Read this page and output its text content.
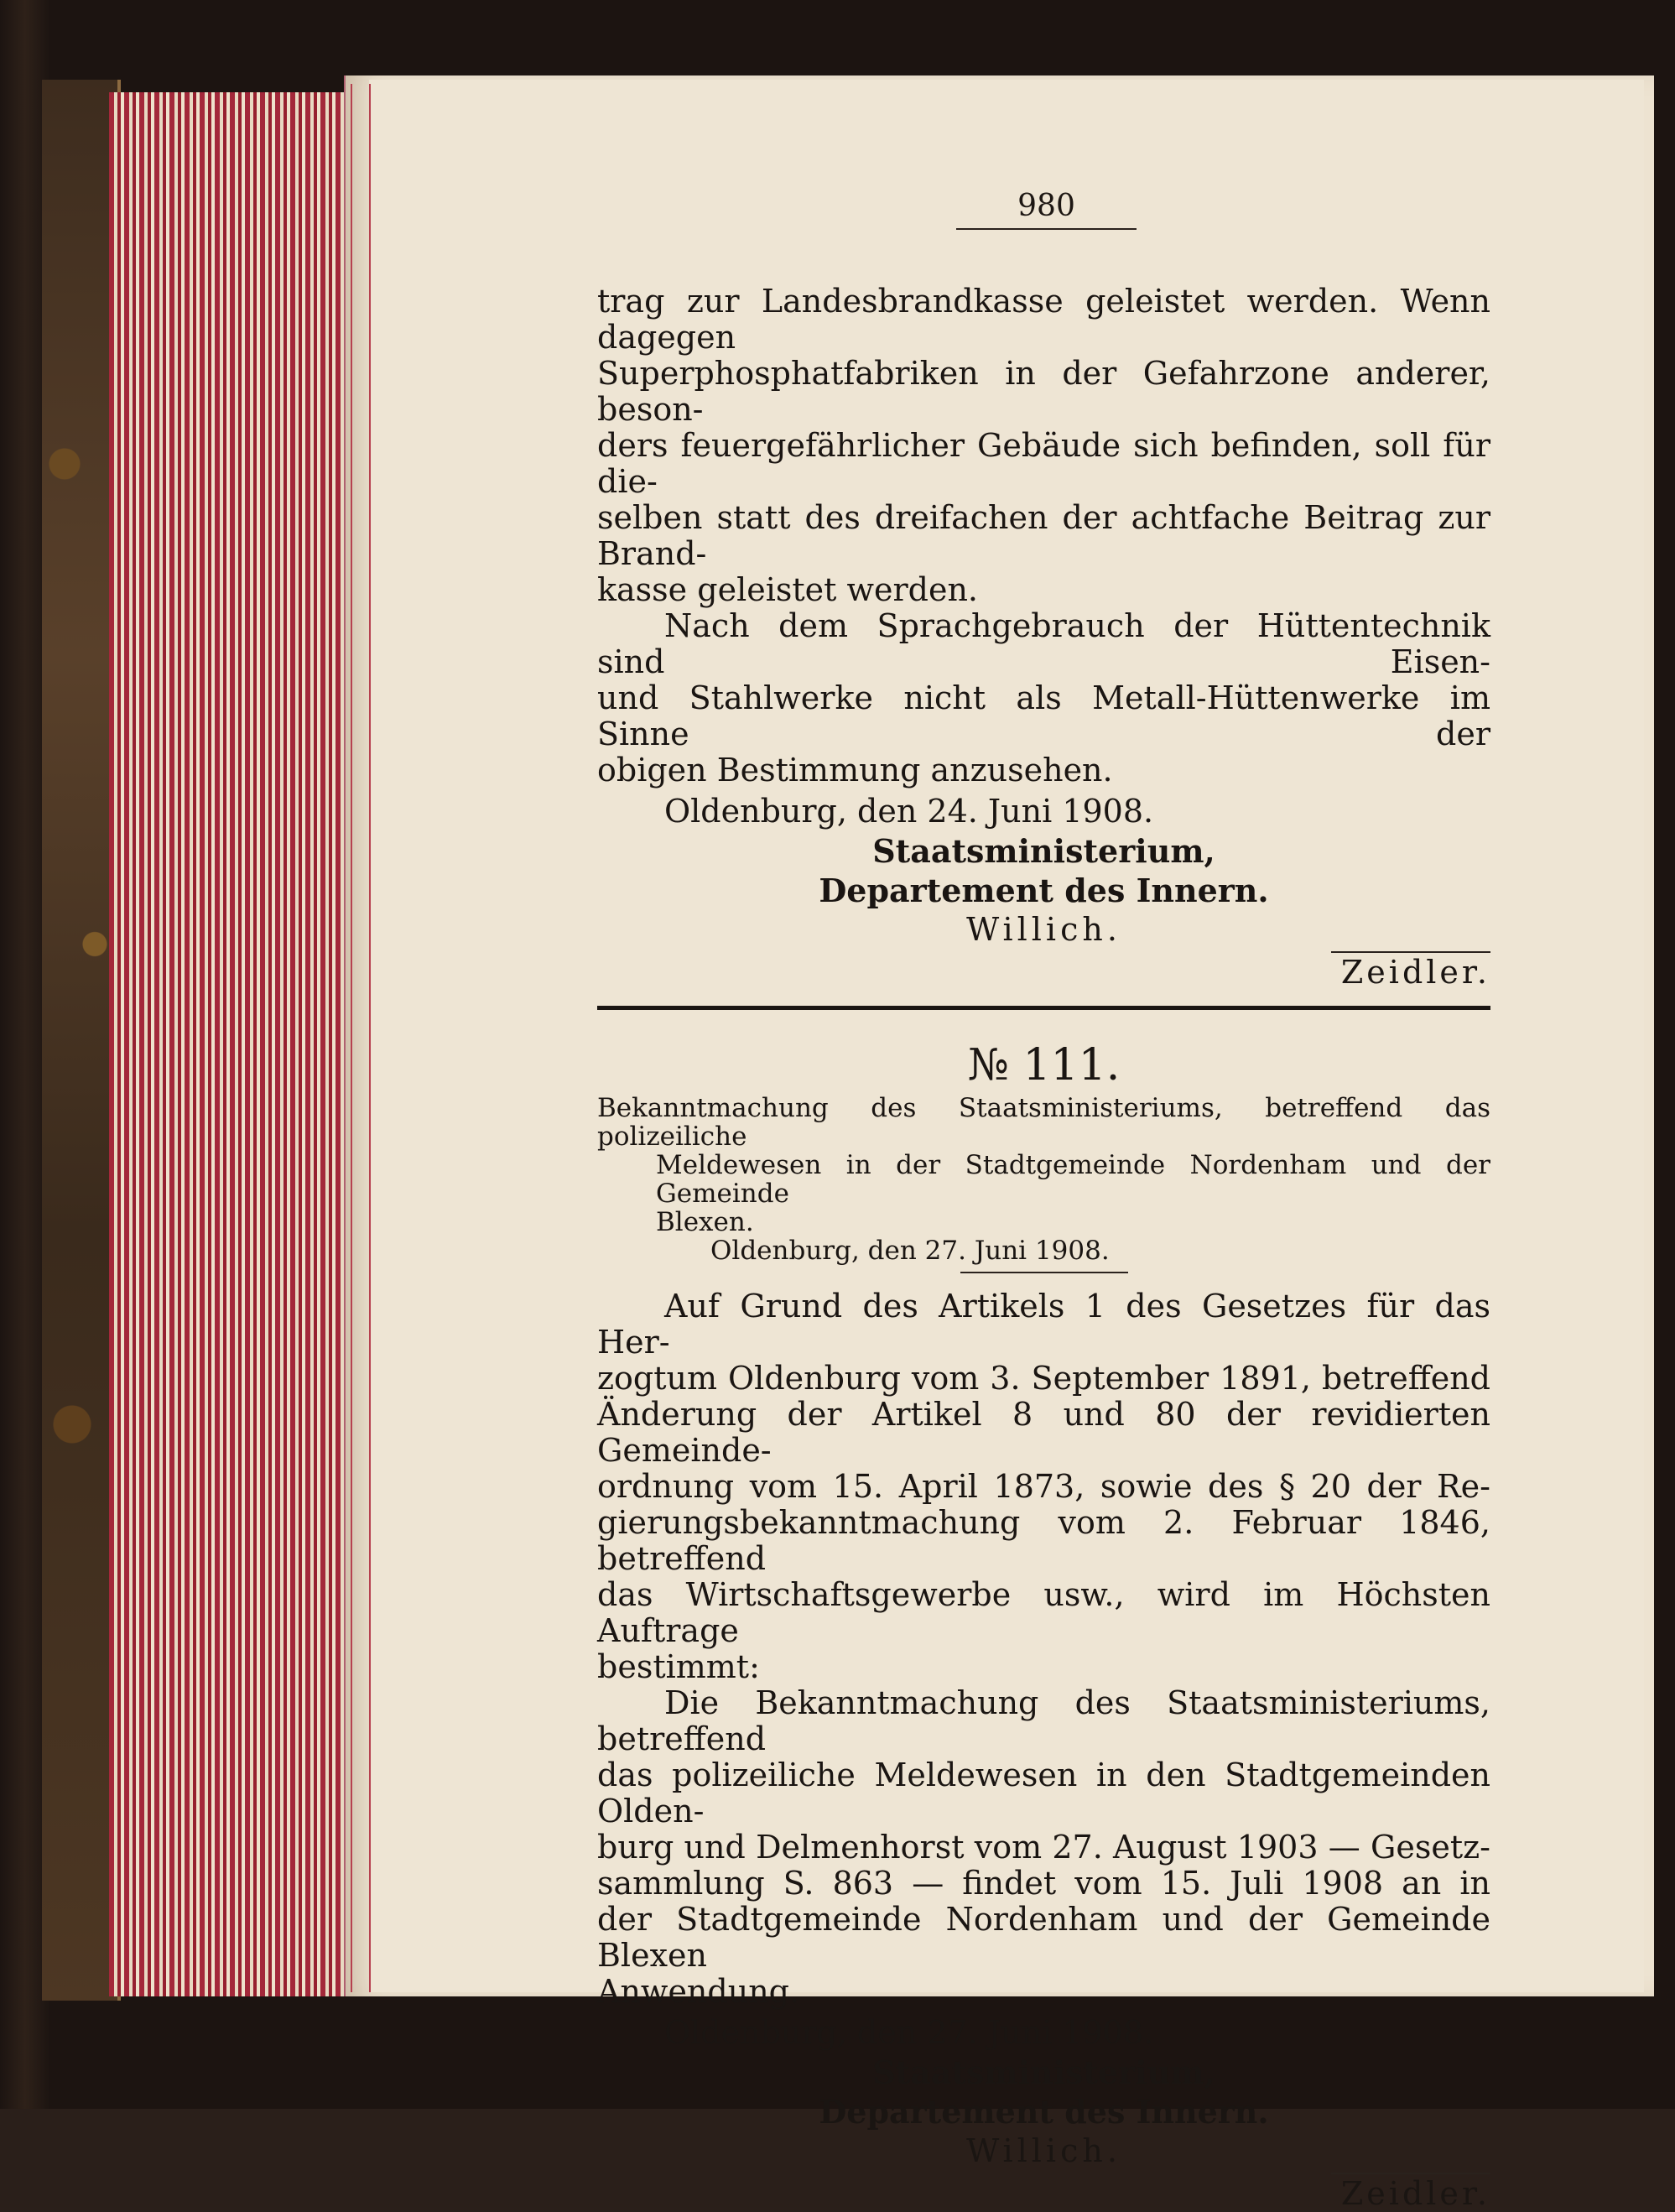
980

trag zur Landesbrandkasse geleistet werden. Wenn dagegen

Superphosphatfabriken in der Gefahrzone anderer, beson-

ders feuergefährlicher Gebäude sich befinden, soll für die-

selben statt des dreifachen der achtfache Beitrag zur Brand-

kasse geleistet werden.

Nach dem Sprachgebrauch der Hüttentechnik sind Eisen-

und Stahlwerke nicht als Metall-Hüttenwerke im Sinne der

obigen Bestimmung anzusehen.

Oldenburg, den 24. Juni 1908.

Staatsministerium,

Departement des Innern.

Willich.

Zeidler.

№ 111.

Bekanntmachung des Staatsministeriums, betreffend das polizeiliche

Meldewesen in der Stadtgemeinde Nordenham und der Gemeinde

Blexen.

Oldenburg, den 27. Juni 1908.

Auf Grund des Artikels 1 des Gesetzes für das Her-

zogtum Oldenburg vom 3. September 1891, betreffend

Änderung der Artikel 8 und 80 der revidierten Gemeinde-

ordnung vom 15. April 1873, sowie des § 20 der Re-

gierungsbekanntmachung vom 2. Februar 1846, betreffend

das Wirtschaftsgewerbe usw., wird im Höchsten Auftrage

bestimmt:

Die Bekanntmachung des Staatsministeriums, betreffend

das polizeiliche Meldewesen in den Stadtgemeinden Olden-

burg und Delmenhorst vom 27. August 1903 — Gesetz-

sammlung S. 863 — findet vom 15. Juli 1908 an in

der Stadtgemeinde Nordenham und der Gemeinde Blexen

Anwendung.

Oldenburg, den 27. Juni 1908.

Staatsministerium,

Departement des Innern.

Willich.

Zeidler.
